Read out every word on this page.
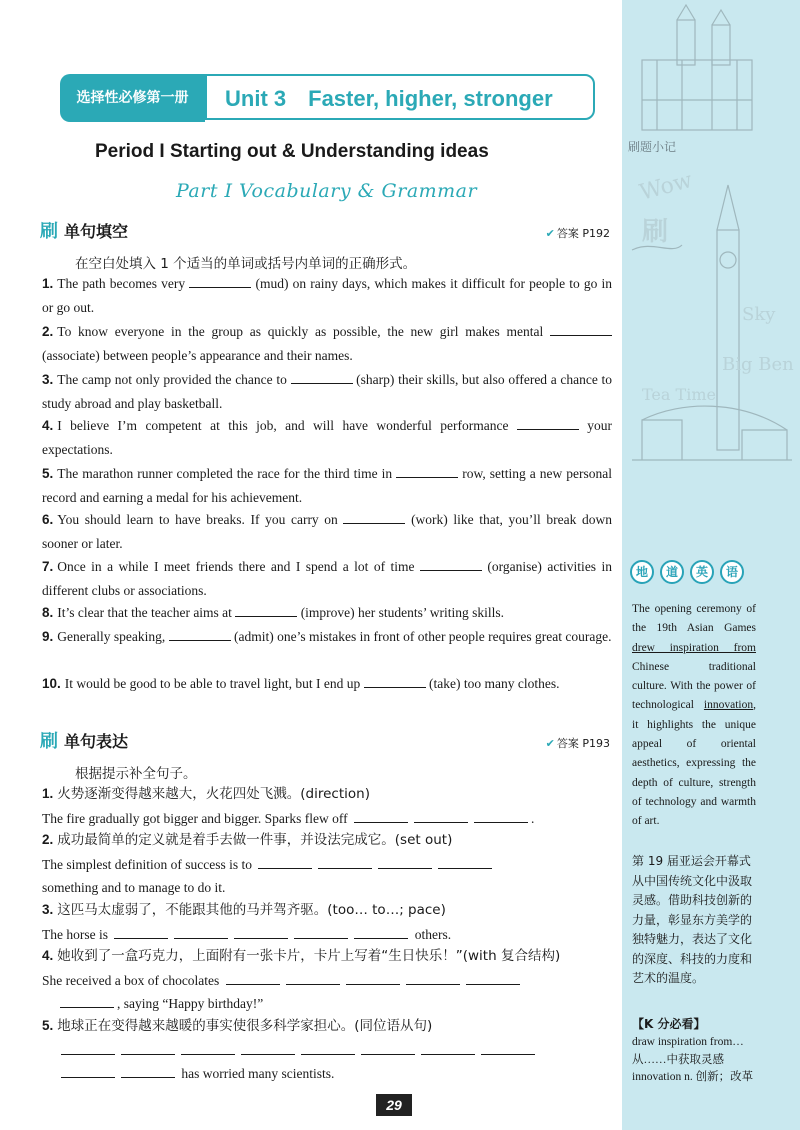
Wow
Sky
Big Ben
Tea Time
刷
刷题小记
地	道	英	语
The opening ceremony of the 19th Asian Games drew inspiration from Chinese traditional culture. With the power of technological innovation, it highlights the unique appeal of oriental aesthetics, expressing the depth of culture, strength of technology and warmth of art.
第 19 届亚运会开幕式从中国传统文化中汲取灵感。借助科技创新的力量，彰显东方美学的独特魅力，表达了文化的深度、科技的力度和艺术的温度。
【K 分必看】
draw inspiration from… 从……中获取灵感
innovation n. 创新；改革
选择性必修第一册	Unit 3 Faster, higher, stronger
Period I Starting out & Understanding ideas
Part I Vocabulary & Grammar
刷 单句填空	✔ 答案 P192
在空白处填入 1 个适当的单词或括号内单词的正确形式。
1. The path becomes very	(mud) on rainy days, which makes it difficult for people to go in or go out.
2. To know everyone in the group as quickly as possible, the new girl makes mental  (associate) between people’s appearance and their names.
3. The camp not only provided the chance to	(sharp) their skills, but also offered a chance to study abroad and play basketball.
4. I believe I’m competent at this job, and will have wonderful performance	your expectations.
5. The marathon runner completed the race for the third time in	row, setting a new personal record and earning a medal for his achievement.
6. You should learn to have breaks. If you carry on	(work) like that, you’ll break down sooner or later.
7. Once in a while I meet friends there and I spend a lot of time	(organise) activities in different clubs or associations.
8. It’s clear that the teacher aims at	(improve) her students’ writing skills.
9. Generally speaking,	(admit) one’s mistakes in front of other people requires great courage.
10. It would be good to be able to travel light, but I end up	(take) too many clothes.
刷 单句表达	✔ 答案 P193
根据提示补全句子。
1. 火势逐渐变得越来越大，火花四处飞溅。(direction)
The fire gradually got bigger and bigger. Sparks flew off	.
2. 成功最简单的定义就是着手去做一件事，并设法完成它。(set out)
The simplest definition of success is to
something and to manage to do it.
3. 这匹马太虚弱了，不能跟其他的马并驾齐驱。(too… to…; pace)
The horse is	others.
4. 她收到了一盒巧克力，上面附有一张卡片，卡片上写着“生日快乐！”(with 复合结构)
She received a box of chocolates
, saying “Happy birthday!”
5. 地球正在变得越来越暖的事实使很多科学家担心。(同位语从句)
has worried many scientists.
29
